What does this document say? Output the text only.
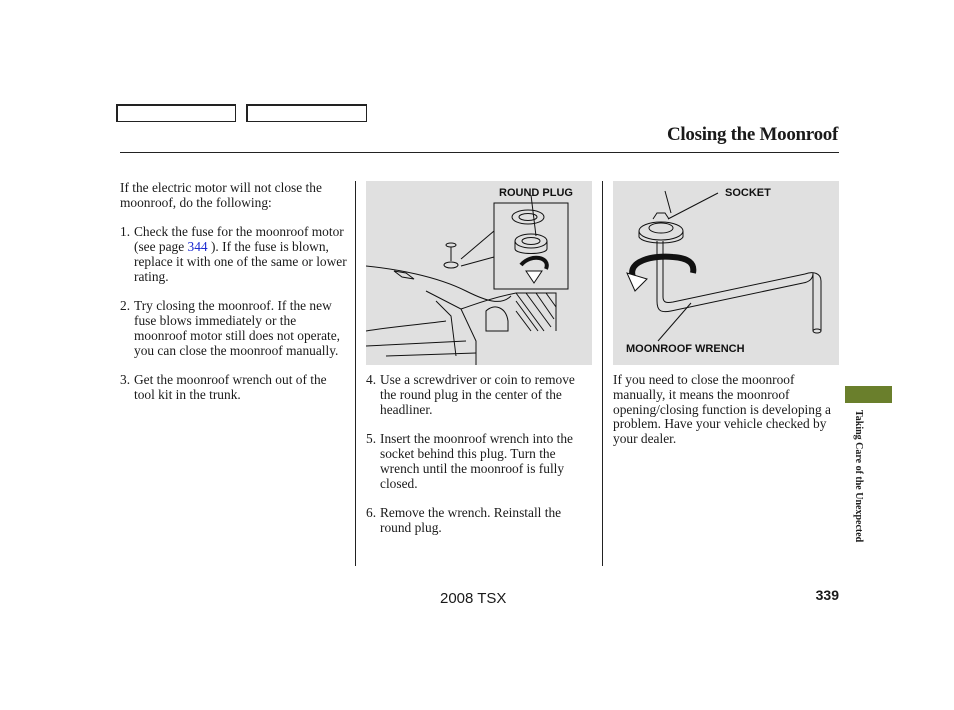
Closing the Moonroof

If the electric motor will not close the moonroof, do the following:

1. Check the fuse for the moonroof motor (see page 344 ). If the fuse is blown, replace it with one of the same or lower rating.
2. Try closing the moonroof. If the new fuse blows immediately or the moonroof motor still does not operate, you can close the moonroof manually.
3. Get the moonroof wrench out of the tool kit in the trunk.
ROUND PLUG
4. Use a screwdriver or coin to remove the round plug in the center of the headliner.
5. Insert the moonroof wrench into the socket behind this plug. Turn the wrench until the moonroof is fully closed.
6. Remove the wrench. Reinstall the round plug.
SOCKET
MOONROOF WRENCH

If you need to close the moonroof manually, it means the moonroof opening/closing function is developing a problem. Have your vehicle checked by your dealer.	Taking Care of the Unexpected
2008 TSX	339
